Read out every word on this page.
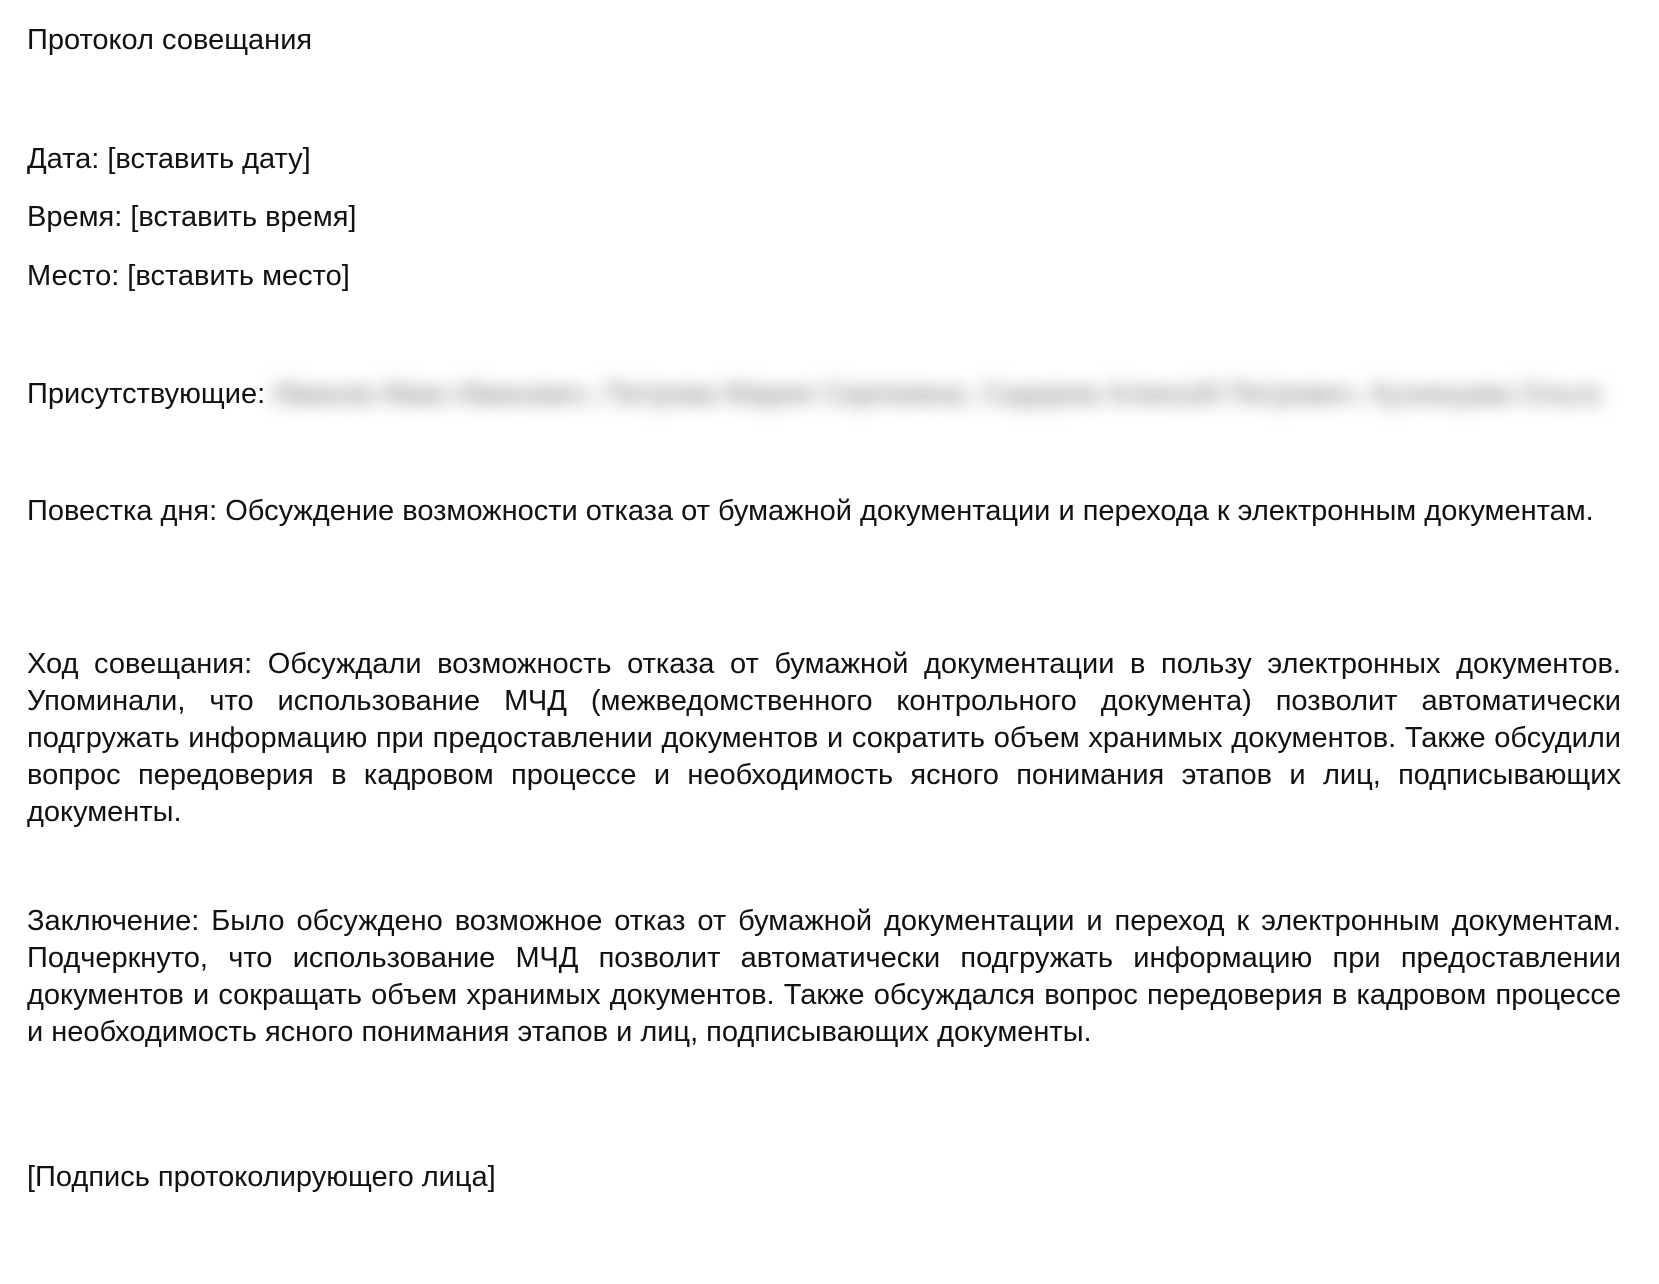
Протокол совещания
Дата: [вставить дату]
Время: [вставить время]
Место: [вставить место]
Присутствующие: Иванов Иван Иванович, Петрова Мария Сергеевна, Сидоров Алексей Петрович, Кузнецова Ольга
Повестка дня: Обсуждение возможности отказа от бумажной документации и перехода к электронным документам.
Ход совещания: Обсуждали возможность отказа от бумажной документации в пользу электронных документов. Упоминали, что использование МЧД (межведомственного контрольного документа) позволит автоматически подгружать информацию при предоставлении документов и сократить объем хранимых документов. Также обсудили вопрос передоверия в кадровом процессе и необходимость ясного понимания этапов и лиц, подписывающих документы.
Заключение: Было обсуждено возможное отказ от бумажной документации и переход к электронным документам. Подчеркнуто, что использование МЧД позволит автоматически подгружать информацию при предоставлении документов и сокращать объем хранимых документов. Также обсуждался вопрос передоверия в кадровом процессе и необходимость ясного понимания этапов и лиц, подписывающих документы.
[Подпись протоколирующего лица]
